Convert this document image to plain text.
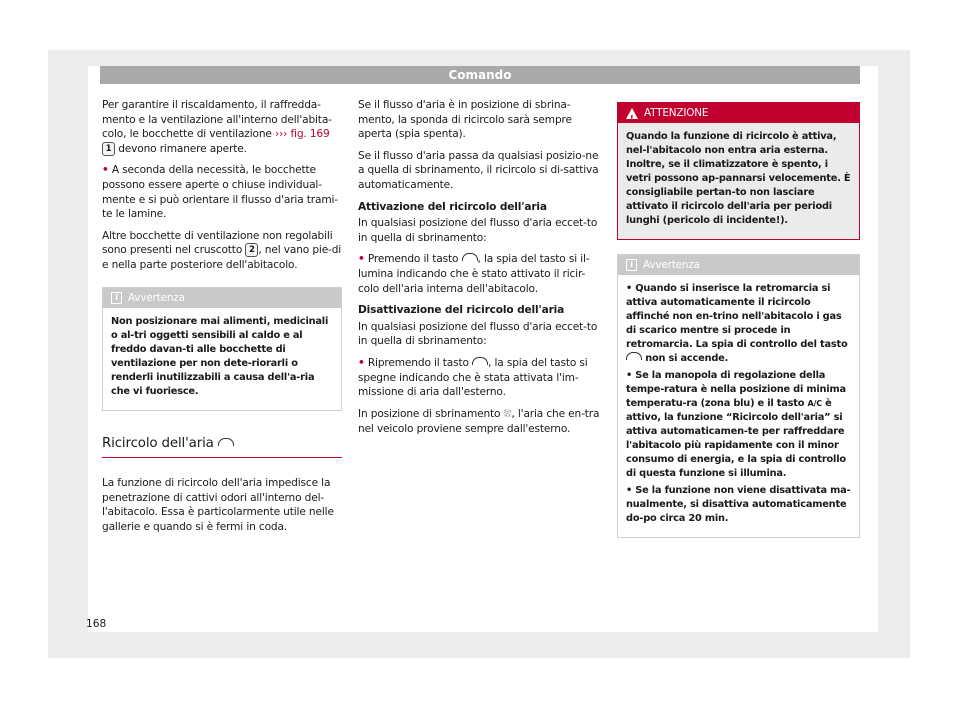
Comando

Per garantire il riscaldamento, il raffredda-mento e la ventilazione all'interno dell'abita-colo, le bocchette di ventilazione ››› fig. 169 1 devono rimanere aperte.

• A seconda della necessità, le bocchette possono essere aperte o chiuse individual-mente e si può orientare il flusso d'aria trami-te le lamine.

Altre bocchette di ventilazione non regolabili sono presenti nel cruscotto 2 , nel vano pie-di e nella parte posteriore dell'abitacolo.

i Avvertenza

Non posizionare mai alimenti, medicinali o al-tri oggetti sensibili al caldo e al freddo davan-ti alle bocchette di ventilazione per non dete-riorarli o renderli inutilizzabili a causa dell'a-ria che vi fuoriesce.

Ricircolo dell'aria

La funzione di ricircolo dell'aria impedisce la penetrazione di cattivi odori all'interno del-l'abitacolo. Essa è particolarmente utile nelle gallerie e quando si è fermi in coda.

Se il flusso d'aria è in posizione di sbrina-mento, la sponda di ricircolo sarà sempre aperta (spia spenta).

Se il flusso d'aria passa da qualsiasi posizio-ne a quella di sbrinamento, il ricircolo si di-sattiva automaticamente.

Attivazione del ricircolo dell'aria

In qualsiasi posizione del flusso d'aria eccet-to in quella di sbrinamento:

• Premendo il tasto , la spia del tasto si il-lumina indicando che è stato attivato il ricir-colo dell'aria interna dell'abitacolo.

Disattivazione del ricircolo dell'aria

In qualsiasi posizione del flusso d'aria eccet-to in quella di sbrinamento:

• Ripremendo il tasto , la spia del tasto si spegne indicando che è stata attivata l'im-missione di aria dall'esterno.

In posizione di sbrinamento ⛆, l'aria che en-tra nel veicolo proviene sempre dall'esterno.

!
ATTENZIONE

Quando la funzione di ricircolo è attiva, nel-l'abitacolo non entra aria esterna. Inoltre, se il climatizzatore è spento, i vetri possono ap-pannarsi velocemente. È consigliabile pertan-to non lasciare attivato il ricircolo dell'aria per periodi lunghi (pericolo di incidente!).

i Avvertenza

• Quando si inserisce la retromarcia si attiva automaticamente il ricircolo affinché non en-trino nell'abitacolo i gas di scarico mentre si procede in retromarcia. La spia di controllo del tasto  non si accende.

• Se la manopola di regolazione della tempe-ratura è nella posizione di minima temperatu-ra (zona blu) e il tasto A/C è attivo, la funzione “Ricircolo dell'aria” si attiva automaticamen-te per raffreddare l'abitacolo più rapidamente con il minor consumo di energia, e la spia di controllo di questa funzione si illumina.

• Se la funzione non viene disattivata ma-nualmente, si disattiva automaticamente do-po circa 20 min.

168
